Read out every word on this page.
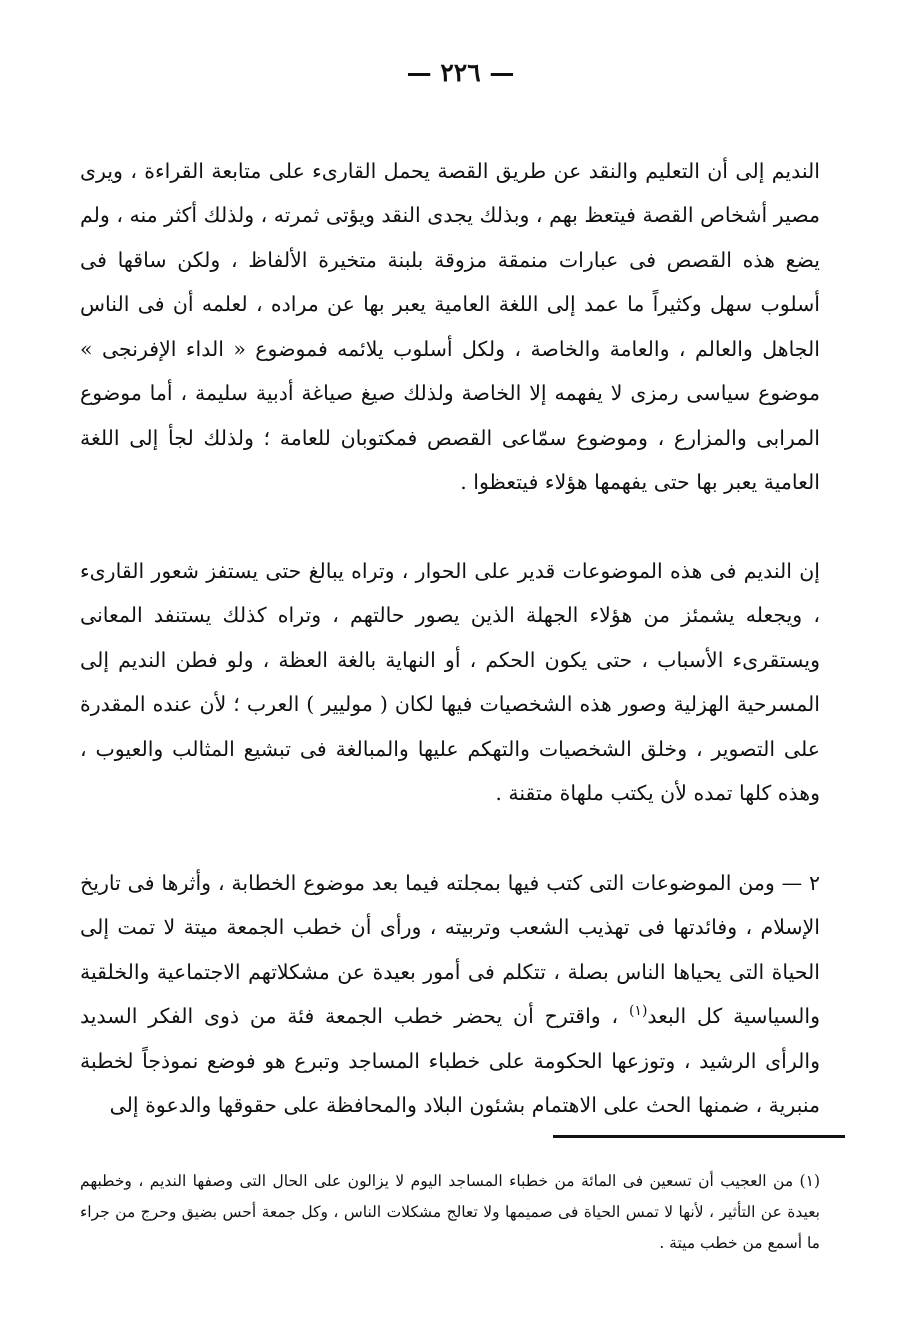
— ٢٢٦ —

النديم إلى أن التعليم والنقد عن طريق القصة يحمل القارىء على متابعة القراءة ، ويرى مصير أشخاص القصة فيتعظ بهم ، وبذلك يجدى النقد ويؤتى ثمرته ، ولذلك أكثر منه ، ولم يضع هذه القصص فى عبارات منمقة مزوقة بلبنة متخيرة الألفاظ ، ولكن ساقها فى أسلوب سهل وكثيراً ما عمد إلى اللغة العامية يعبر بها عن مراده ، لعلمه أن فى الناس الجاهل والعالم ، والعامة والخاصة ، ولكل أسلوب يلائمه فموضوع « الداء الإفرنجى » موضوع سياسى رمزى لا يفهمه إلا الخاصة ولذلك صيغ صياغة أدبية سليمة ، أما موضوع المرابى والمزارع ، وموضوع سمّاعى القصص فمكتوبان للعامة ؛ ولذلك لجأ إلى اللغة العامية يعبر بها حتى يفهمها هؤلاء فيتعظوا .

إن النديم فى هذه الموضوعات قدير على الحوار ، وتراه يبالغ حتى يستفز شعور القارىء ، ويجعله يشمئز من هؤلاء الجهلة الذين يصور حالتهم ، وتراه كذلك يستنفد المعانى ويستقرىء الأسباب ، حتى يكون الحكم ، أو النهاية بالغة العظة ، ولو فطن النديم إلى المسرحية الهزلية وصور هذه الشخصيات فيها لكان ( موليير ) العرب ؛ لأن عنده المقدرة على التصوير ، وخلق الشخصيات والتهكم عليها والمبالغة فى تبشيع المثالب والعيوب ، وهذه كلها تمده لأن يكتب ملهاة متقنة .

٢ — ومن الموضوعات التى كتب فيها بمجلته فيما بعد موضوع الخطابة ، وأثرها فى تاريخ الإسلام ، وفائدتها فى تهذيب الشعب وتربيته ، ورأى أن خطب الجمعة ميتة لا تمت إلى الحياة التى يحياها الناس بصلة ، تتكلم فى أمور بعيدة عن مشكلاتهم الاجتماعية والخلقية والسياسية كل البعد$^{(١)}$ ، واقترح أن يحضر خطب الجمعة فئة من ذوى الفكر السديد والرأى الرشيد ، وتوزعها الحكومة على خطباء المساجد وتبرع هو فوضع نموذجاً لخطبة منبرية ، ضمنها الحث على الاهتمام بشئون البلاد والمحافظة على حقوقها والدعوة إلى

(١) من العجيب أن تسعين فى المائة من خطباء المساجد اليوم لا يزالون على الحال التى وصفها النديم ، وخطبهم بعيدة عن التأثير ، لأنها لا تمس الحياة فى صميمها ولا تعالج مشكلات الناس ، وكل جمعة أحس بضيق وحرج من جراء ما أسمع من خطب ميتة .
